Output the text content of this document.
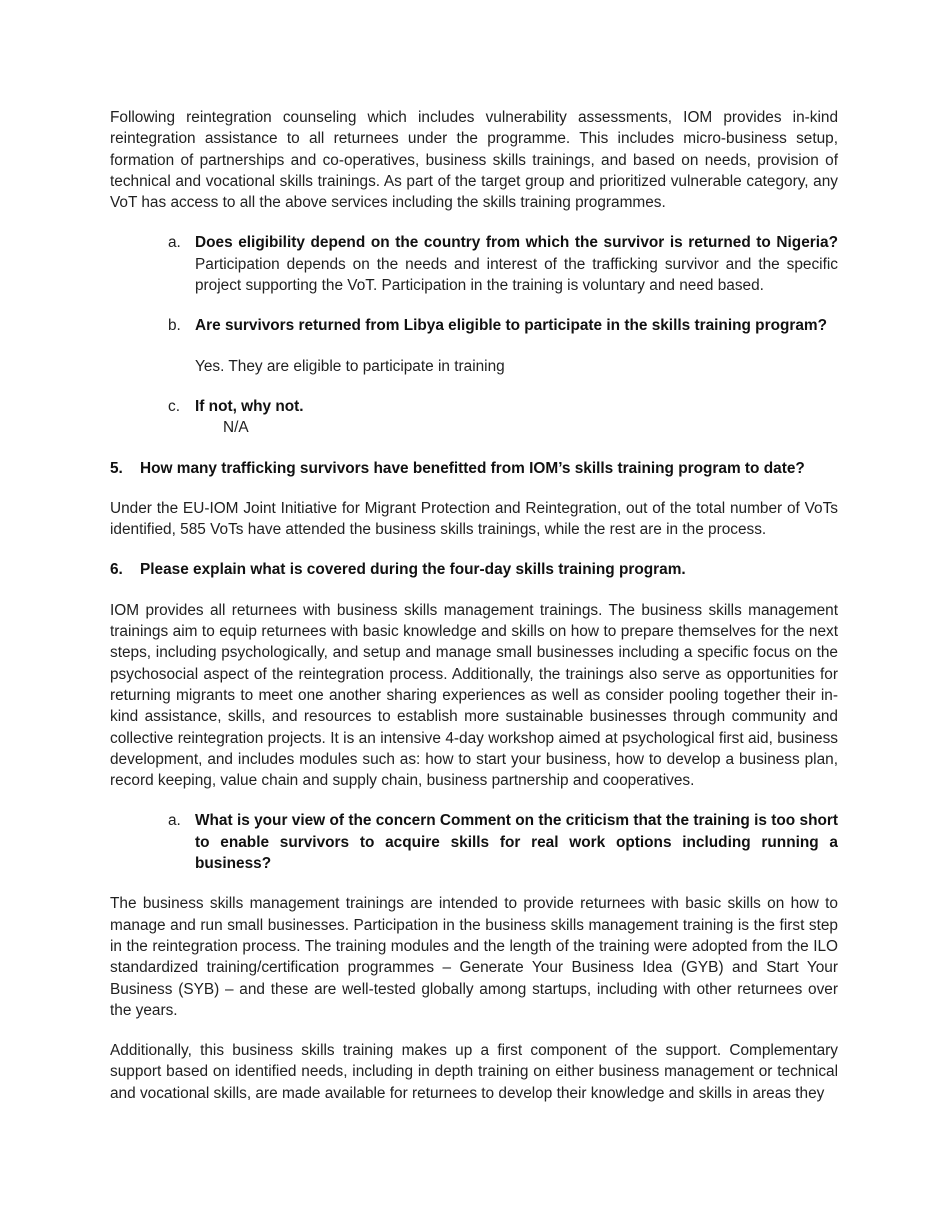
Following reintegration counseling which includes vulnerability assessments, IOM provides in-kind reintegration assistance to all returnees under the programme. This includes micro-business setup, formation of partnerships and co-operatives, business skills trainings, and based on needs, provision of technical and vocational skills trainings. As part of the target group and prioritized vulnerable category, any VoT has access to all the above services including the skills training programmes.

a. Does eligibility depend on the country from which the survivor is returned to Nigeria? Participation depends on the needs and interest of the trafficking survivor and the specific project supporting the VoT. Participation in the training is voluntary and need based.
b. Are survivors returned from Libya eligible to participate in the skills training program?

Yes. They are eligible to participate in training

c. If not, why not.
N/A
5.	How many trafficking survivors have benefitted from IOM’s skills training program to date?

Under the EU-IOM Joint Initiative for Migrant Protection and Reintegration, out of the total number of VoTs identified, 585 VoTs have attended the business skills trainings, while the rest are in the process.

6.	Please explain what is covered during the four-day skills training program.

IOM provides all returnees with business skills management trainings. The business skills management trainings aim to equip returnees with basic knowledge and skills on how to prepare themselves for the next steps, including psychologically, and setup and manage small businesses including a specific focus on the psychosocial aspect of the reintegration process. Additionally, the trainings also serve as opportunities for returning migrants to meet one another sharing experiences as well as consider pooling together their in-kind assistance, skills, and resources to establish more sustainable businesses through community and collective reintegration projects. It is an intensive 4-day workshop aimed at psychological first aid, business development, and includes modules such as: how to start your business, how to develop a business plan, record keeping, value chain and supply chain, business partnership and cooperatives.

a. What is your view of the concern Comment on the criticism that the training is too short to enable survivors to acquire skills for real work options including running a business?

The business skills management trainings are intended to provide returnees with basic skills on how to manage and run small businesses. Participation in the business skills management training is the first step in the reintegration process. The training modules and the length of the training were adopted from the ILO standardized training/certification programmes – Generate Your Business Idea (GYB) and Start Your Business (SYB) – and these are well-tested globally among startups, including with other returnees over the years.

Additionally, this business skills training makes up a first component of the support. Complementary support based on identified needs, including in depth training on either business management or technical and vocational skills, are made available for returnees to develop their knowledge and skills in areas they
